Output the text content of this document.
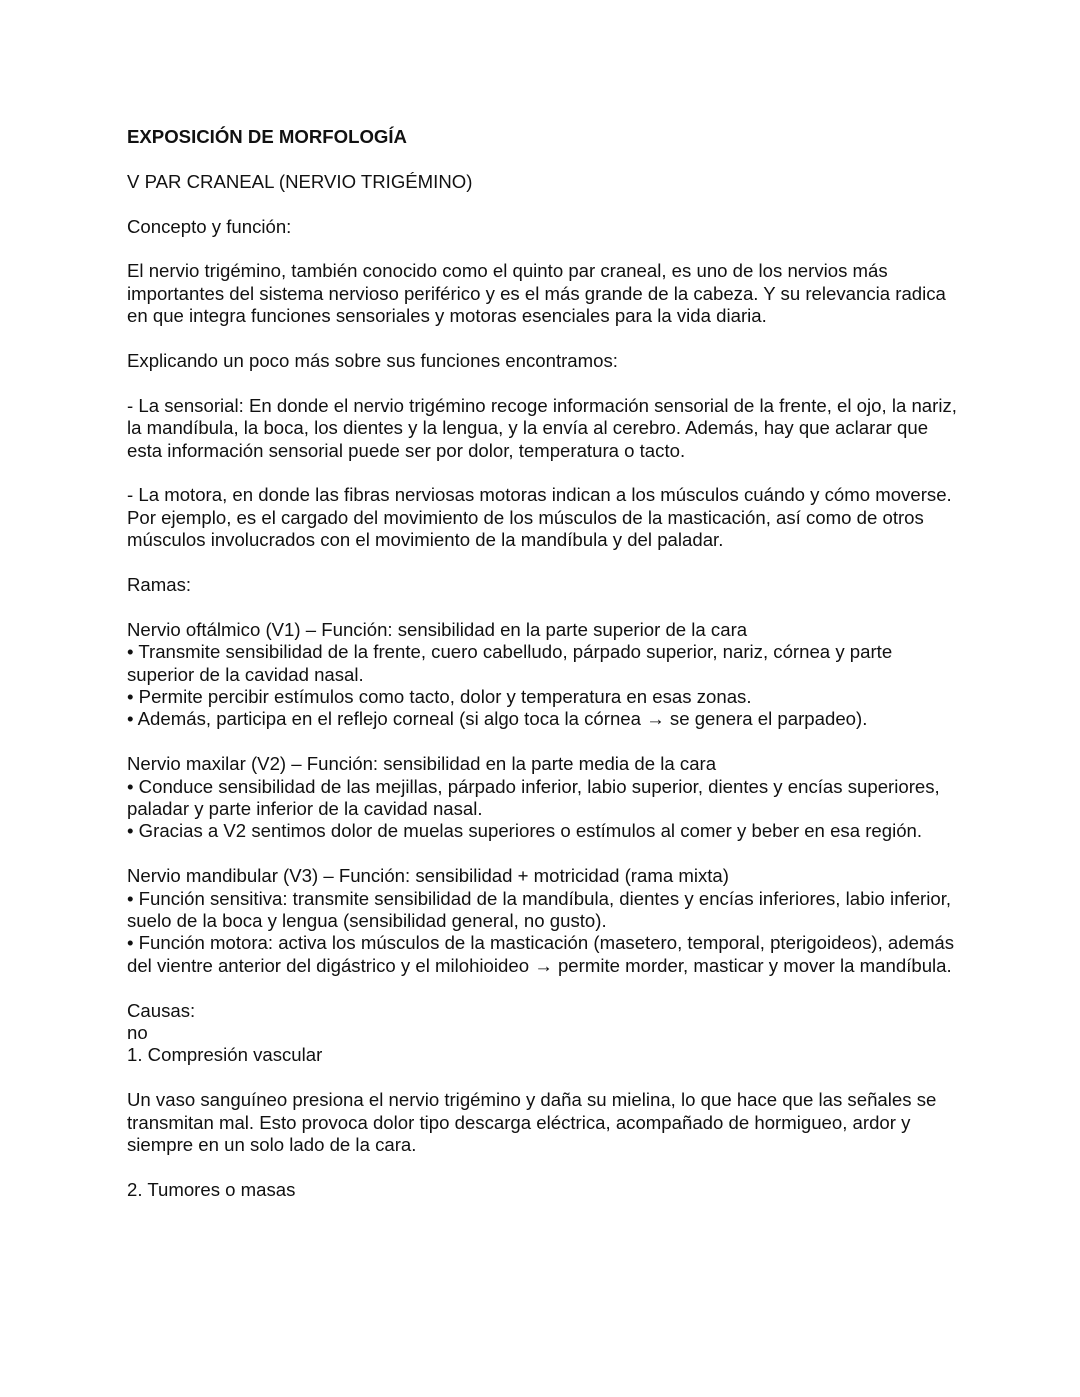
EXPOSICIÓN DE MORFOLOGÍA

V PAR CRANEAL (NERVIO TRIGÉMINO)

Concepto y función:

El nervio trigémino, también conocido como el quinto par craneal, es uno de los nervios más importantes del sistema nervioso periférico y es el más grande de la cabeza. Y su relevancia radica en que integra funciones sensoriales y motoras esenciales para la vida diaria.

Explicando un poco más sobre sus funciones encontramos:

- La sensorial: En donde el nervio trigémino recoge información sensorial de la frente, el ojo, la nariz, la mandíbula, la boca, los dientes y la lengua, y la envía al cerebro. Además, hay que aclarar que esta información sensorial puede ser por dolor, temperatura o tacto.

- La motora, en donde las fibras nerviosas motoras indican a los músculos cuándo y cómo moverse. Por ejemplo, es el cargado del movimiento de los músculos de la masticación, así como de otros músculos involucrados con el movimiento de la mandíbula y del paladar.

Ramas:

Nervio oftálmico (V1) – Función: sensibilidad en la parte superior de la cara
• Transmite sensibilidad de la frente, cuero cabelludo, párpado superior, nariz, córnea y parte superior de la cavidad nasal.
• Permite percibir estímulos como tacto, dolor y temperatura en esas zonas.
• Además, participa en el reflejo corneal (si algo toca la córnea → se genera el parpadeo).
Nervio maxilar (V2) – Función: sensibilidad en la parte media de la cara
• Conduce sensibilidad de las mejillas, párpado inferior, labio superior, dientes y encías superiores, paladar y parte inferior de la cavidad nasal.
• Gracias a V2 sentimos dolor de muelas superiores o estímulos al comer y beber en esa región.
Nervio mandibular (V3) – Función: sensibilidad + motricidad (rama mixta)
• Función sensitiva: transmite sensibilidad de la mandíbula, dientes y encías inferiores, labio inferior, suelo de la boca y lengua (sensibilidad general, no gusto).
• Función motora: activa los músculos de la masticación (masetero, temporal, pterigoideos), además del vientre anterior del digástrico y el milohioideo → permite morder, masticar y mover la mandíbula.
Causas:
no
1. Compresión vascular

Un vaso sanguíneo presiona el nervio trigémino y daña su mielina, lo que hace que las señales se transmitan mal. Esto provoca dolor tipo descarga eléctrica, acompañado de hormigueo, ardor y siempre en un solo lado de la cara.

2. Tumores o masas
